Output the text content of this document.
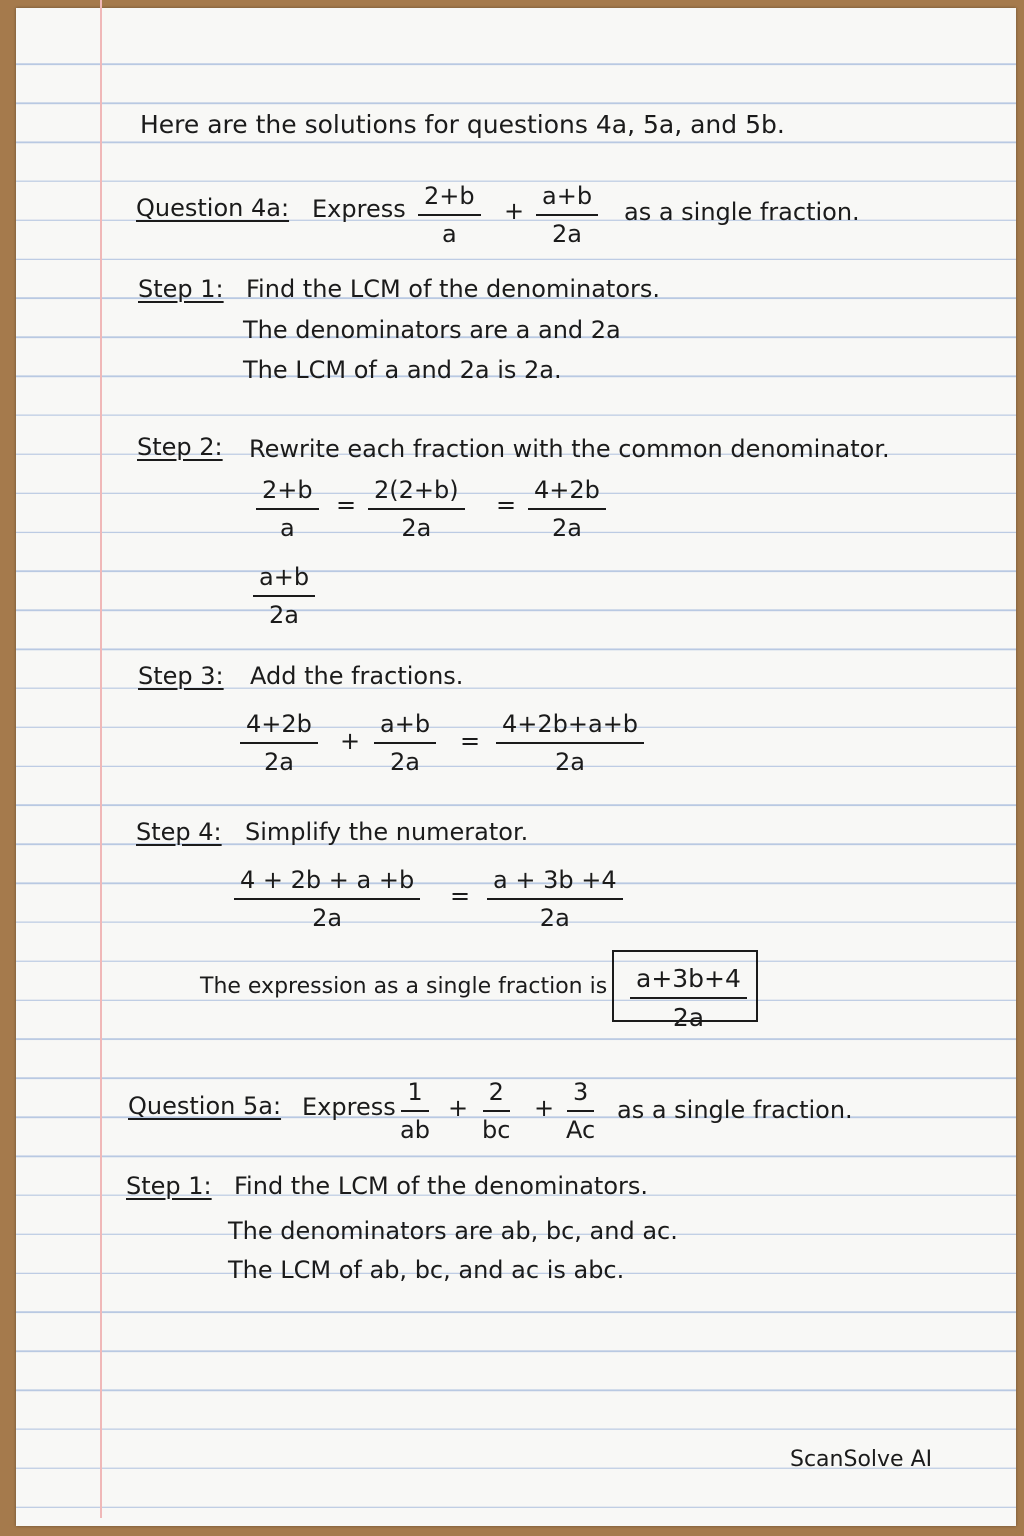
Here are the solutions for questions 4a, 5a, and 5b.
Question 4a: Express $\frac{2+b}{a} + \frac{a+b}{2a}$ as a single fraction.
Step 1: Find the LCM of the denominators.
The denominators are a and 2a
The LCM of a and 2a is 2a.
Step 2: Rewrite each fraction with the common denominator.
$\frac{2+b}{a} = \frac{2(2+b)}{2a} = \frac{4+2b}{2a}$
$\frac{a+b}{2a}$
Step 3: Add the fractions.
$\frac{4+2b}{2a} + \frac{a+b}{2a} = \frac{4+2b+a+b}{2a}$
Step 4: Simplify the numerator.
$\frac{4 + 2b + a +b}{2a} = \frac{a + 3b +4}{2a}$
The expression as a single fraction is $\frac{a+3b+4}{2a}$
Question 5a: Express
$\frac{1}{ab} + \frac{2}{bc} + \frac{3}{Ac}$ as a single fraction.
Step 1: Find the LCM of the denominators.
The denominators are ab, bc, and ac.
The LCM of ab, bc, and ac is abc.
ScanSolve AI
